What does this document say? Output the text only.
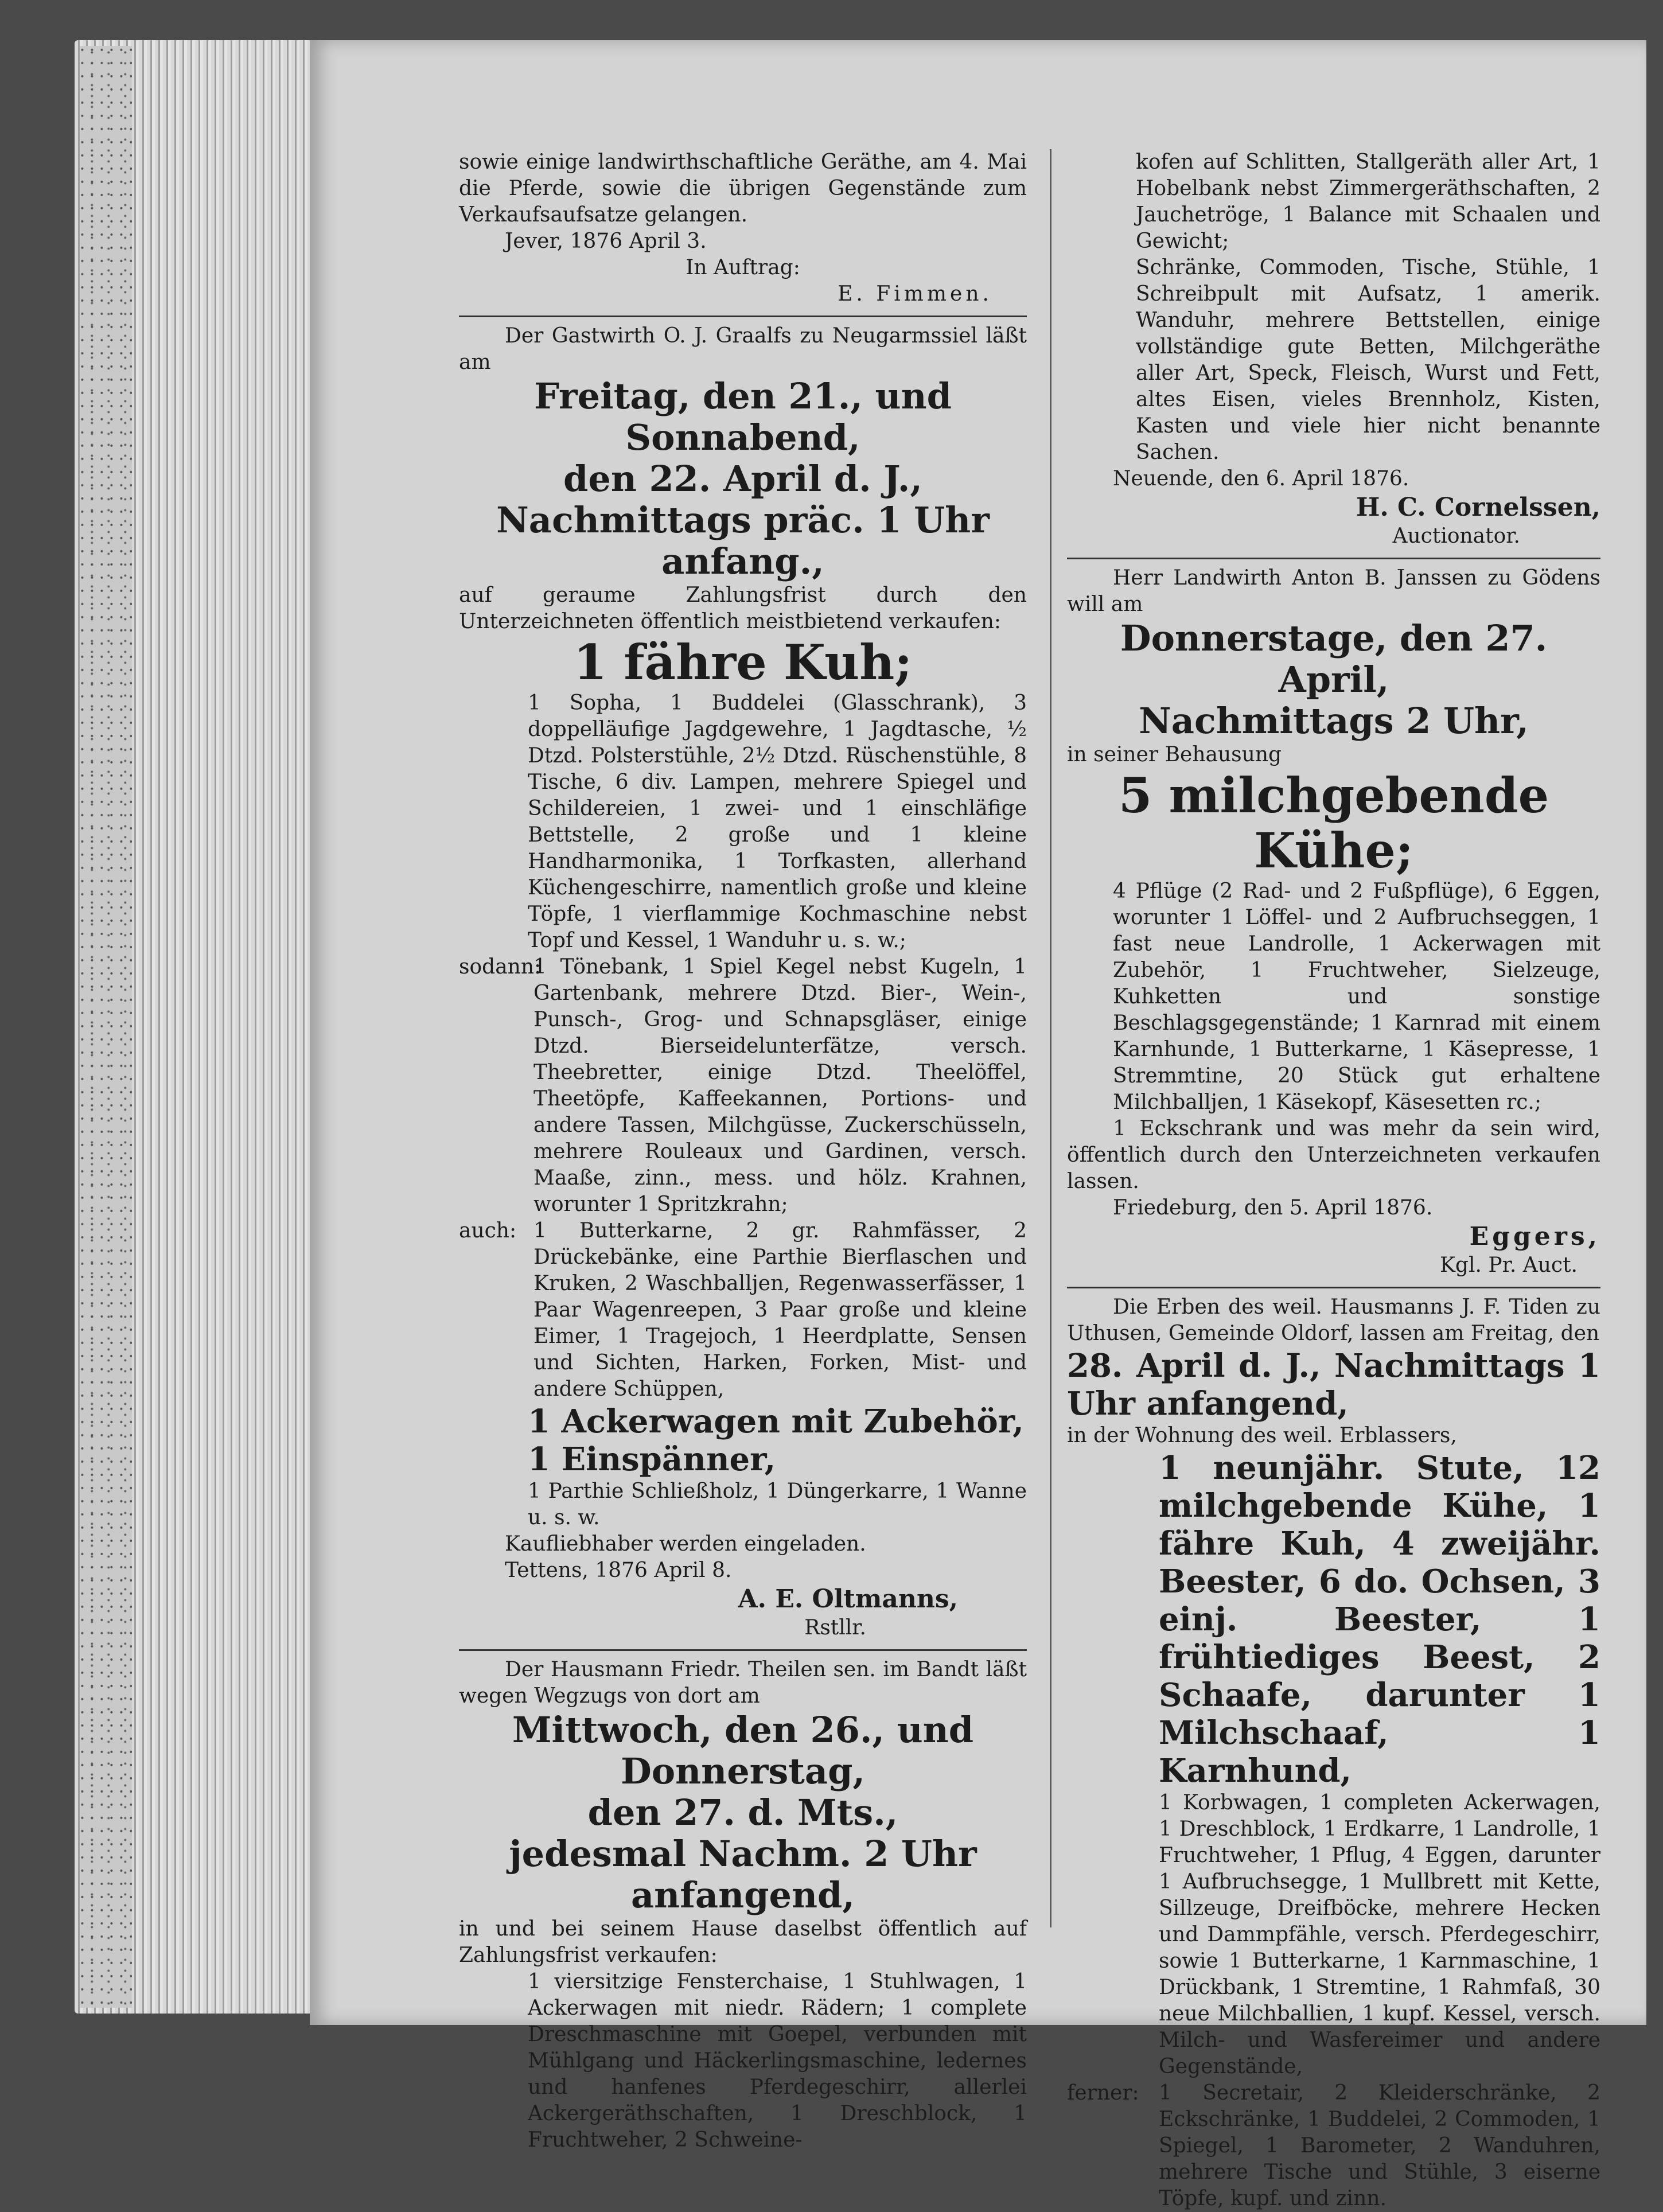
sowie einige landwirthschaftliche Geräthe, am 4. Mai die Pferde, sowie die übrigen Gegenstände zum Verkaufsaufsatze gelangen.

Jever, 1876 April 3.

In Auftrag:

E. Fimmen.

Der Gastwirth O. J. Graalfs zu Neugarmssiel läßt am

Freitag, den 21., und Sonnabend,

den 22. April d. J.,

Nachmittags präc. 1 Uhr anfang.,

auf geraume Zahlungsfrist durch den Unterzeichneten öffentlich meistbietend verkaufen:

1 fähre Kuh;

1 Sopha, 1 Buddelei (Glasschrank), 3 doppelläufige Jagdgewehre, 1 Jagdtasche, ½ Dtzd. Polsterstühle, 2½ Dtzd. Rüschenstühle, 8 Tische, 6 div. Lampen, mehrere Spiegel und Schildereien, 1 zwei- und 1 einschläfige Bettstelle, 2 große und 1 kleine Handharmonika, 1 Torfkasten, allerhand Küchengeschirre, namentlich große und kleine Töpfe, 1 vierflammige Kochmaschine nebst Topf und Kessel, 1 Wanduhr u. s. w.;

sodann:
1 Tönebank, 1 Spiel Kegel nebst Kugeln, 1 Gartenbank, mehrere Dtzd. Bier-, Wein-, Punsch-, Grog- und Schnapsgläser, einige Dtzd. Bierseidelunterfätze, versch. Theebretter, einige Dtzd. Theelöffel, Theetöpfe, Kaffeekannen, Portions- und andere Tassen, Milchgüsse, Zuckerschüsseln, mehrere Rouleaux und Gardinen, versch. Maaße, zinn., mess. und hölz. Krahnen, worunter 1 Spritzkrahn;
auch: 1 Butterkarne, 2 gr. Rahmfässer, 2 Drückebänke, eine Parthie Bierflaschen und Kruken, 2 Waschballjen, Regenwasserfässer, 1 Paar Wagenreepen, 3 Paar große und kleine Eimer, 1 Tragejoch, 1 Heerdplatte, Sensen und Sichten, Harken, Forken, Mist- und andere Schüppen,

1 Ackerwagen mit Zubehör,

1 Einspänner,

1 Parthie Schließholz, 1 Düngerkarre, 1 Wanne u. s. w.

Kaufliebhaber werden eingeladen.

Tettens, 1876 April 8.

A. E. Oltmanns,

Rstllr.

Der Hausmann Friedr. Theilen sen. im Bandt läßt wegen Wegzugs von dort am

Mittwoch, den 26., und Donnerstag,

den 27. d. Mts.,

jedesmal Nachm. 2 Uhr anfangend,

in und bei seinem Hause daselbst öffentlich auf Zahlungsfrist verkaufen:

1 viersitzige Fensterchaise, 1 Stuhlwagen, 1 Ackerwagen mit niedr. Rädern; 1 complete Dreschmaschine mit Goepel, verbunden mit Mühlgang und Häckerlingsmaschine, ledernes und hanfenes Pferdegeschirr, allerlei Ackergeräthschaften, 1 Dreschblock, 1 Fruchtweher, 2 Schweine-

kofen auf Schlitten, Stallgeräth aller Art, 1 Hobelbank nebst Zimmergeräthschaften, 2 Jauchetröge, 1 Balance mit Schaalen und Gewicht;

Schränke, Commoden, Tische, Stühle, 1 Schreibpult mit Aufsatz, 1 amerik. Wanduhr, mehrere Bettstellen, einige vollständige gute Betten, Milchgeräthe aller Art, Speck, Fleisch, Wurst und Fett, altes Eisen, vieles Brennholz, Kisten, Kasten und viele hier nicht benannte Sachen.

Neuende, den 6. April 1876.

H. C. Cornelssen,

Auctionator.

Herr Landwirth Anton B. Janssen zu Gödens will am

Donnerstage, den 27. April,

Nachmittags 2 Uhr,

in seiner Behausung

5 milchgebende Kühe;

4 Pflüge (2 Rad- und 2 Fußpflüge), 6 Eggen, worunter 1 Löffel- und 2 Aufbruchseggen, 1 fast neue Landrolle, 1 Ackerwagen mit Zubehör, 1 Fruchtweher, Sielzeuge, Kuhketten und sonstige Beschlagsgegenstände; 1 Karnrad mit einem Karnhunde, 1 Butterkarne, 1 Käsepresse, 1 Stremmtine, 20 Stück gut erhaltene Milchballjen, 1 Käsekopf, Käsesetten rc.;

1 Eckschrank und was mehr da sein wird, öffentlich durch den Unterzeichneten verkaufen lassen.

Friedeburg, den 5. April 1876.

Eggers,

Kgl. Pr. Auct.

Die Erben des weil. Hausmanns J. F. Tiden zu Uthusen, Gemeinde Oldorf, lassen am Freitag, den

28. April d. J., Nachmittags 1 Uhr anfangend,

in der Wohnung des weil. Erblassers,

1 neunjähr. Stute, 12 milchgebende Kühe, 1 fähre Kuh, 4 zweijähr. Beester, 6 do. Ochsen, 3 einj. Beester, 1 frühtiediges Beest, 2 Schaafe, darunter 1 Milchschaaf, 1 Karnhund,

1 Korbwagen, 1 completen Ackerwagen, 1 Dreschblock, 1 Erdkarre, 1 Landrolle, 1 Fruchtweher, 1 Pflug, 4 Eggen, darunter 1 Aufbruchsegge, 1 Mullbrett mit Kette, Sillzeuge, Dreifböcke, mehrere Hecken und Dammpfähle, versch. Pferdegeschirr, sowie 1 Butterkarne, 1 Karnmaschine, 1 Drückbank, 1 Stremtine, 1 Rahmfaß, 30 neue Milchballien, 1 kupf. Kessel, versch. Milch- und Wasfereimer und andere Gegenstände,

ferner: 1 Secretair, 2 Kleiderschränke, 2 Eckschränke, 1 Buddelei, 2 Commoden, 1 Spiegel, 1 Barometer, 2 Wanduhren, mehrere Tische und Stühle, 3 eiserne Töpfe, kupf. und zinn.
